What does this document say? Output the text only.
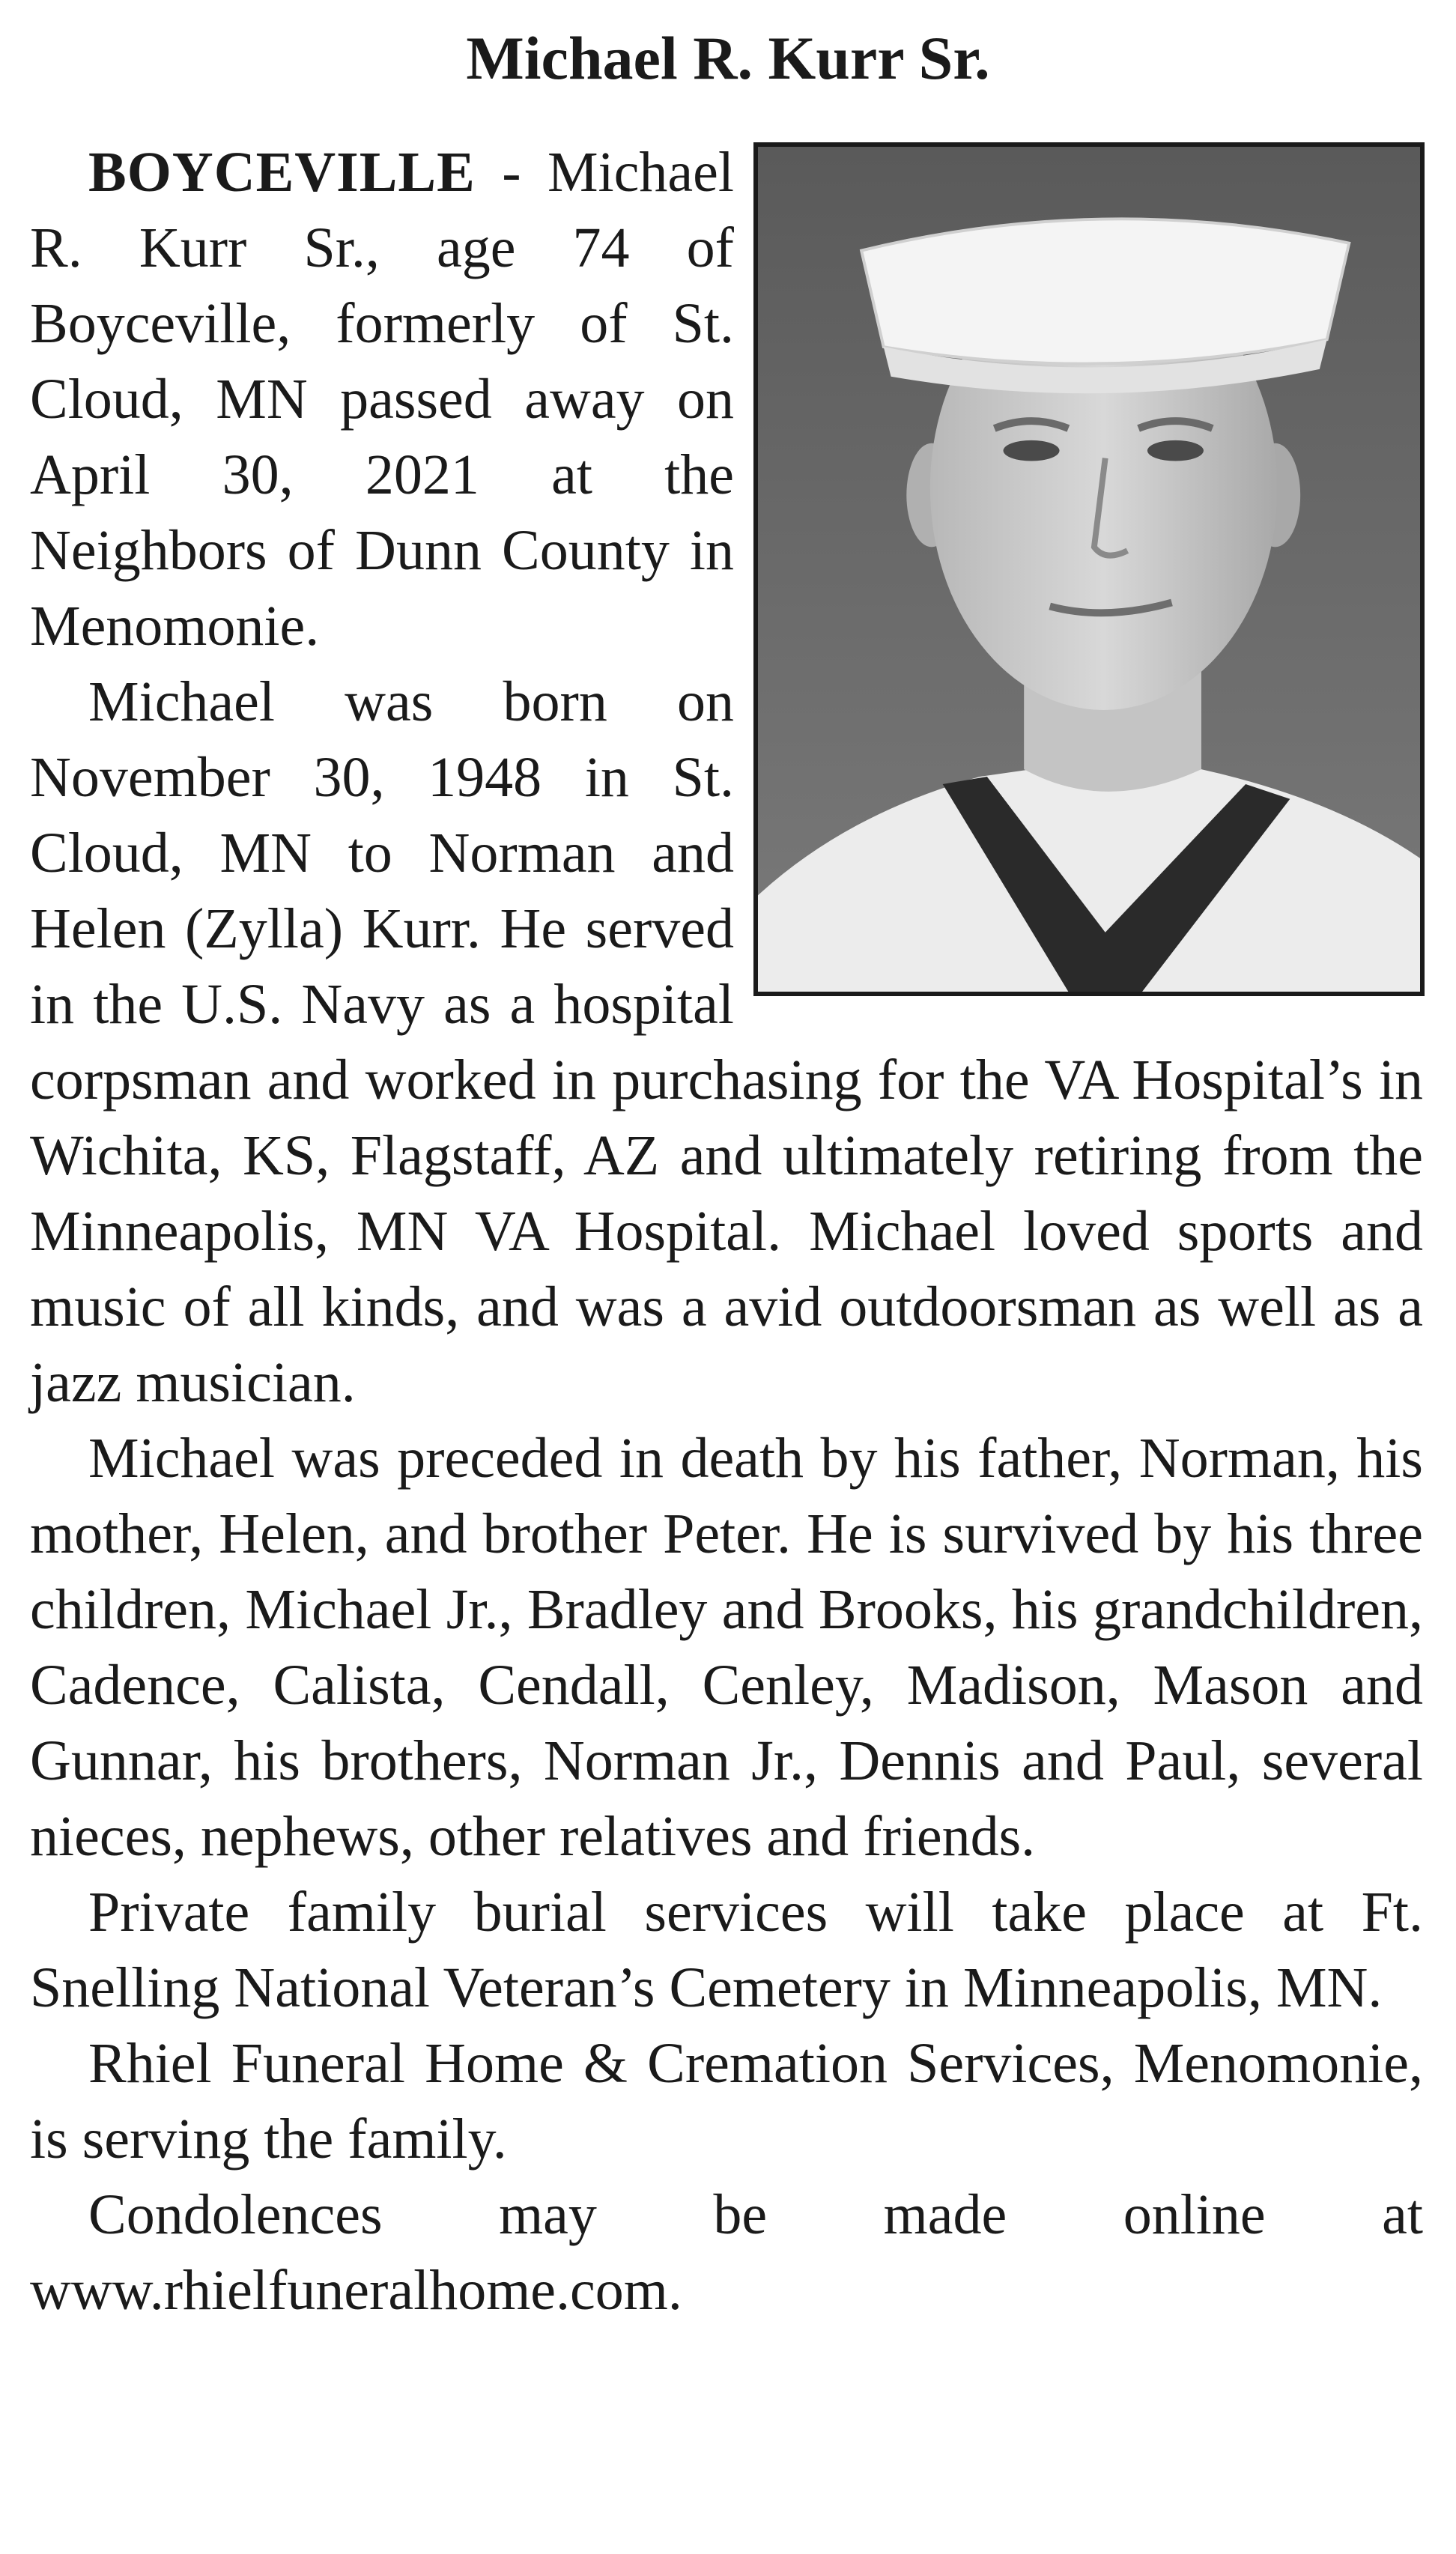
Michael R. Kurr Sr.

BOYCEVILLE - Michael R. Kurr Sr., age 74 of Boyceville, formerly of St. Cloud, MN passed away on April 30, 2021 at the Neighbors of Dunn County in Menomonie.

Michael was born on November 30, 1948 in St. Cloud, MN to Norman and Helen (Zylla) Kurr. He served in the U.S. Navy as a hospital corpsman and worked in purchasing for the VA Hospital’s in Wichita, KS, Flagstaff, AZ and ultimately retiring from the Minneapolis, MN VA Hospital. Michael loved sports and music of all kinds, and was a avid outdoorsman as well as a jazz musician.

Michael was preceded in death by his father, Norman, his mother, Helen, and brother Peter. He is survived by his three children, Michael Jr., Bradley and Brooks, his grandchildren, Cadence, Calista, Cendall, Cenley, Madison, Mason and Gunnar, his brothers, Norman Jr., Dennis and Paul, several nieces, nephews, other relatives and friends.

Private family burial services will take place at Ft. Snelling National Veteran’s Cemetery in Minneapolis, MN.

Rhiel Funeral Home & Cremation Services, Menomonie, is serving the family.

Condolences may be made online at www.rhielfuneralhome.com.
